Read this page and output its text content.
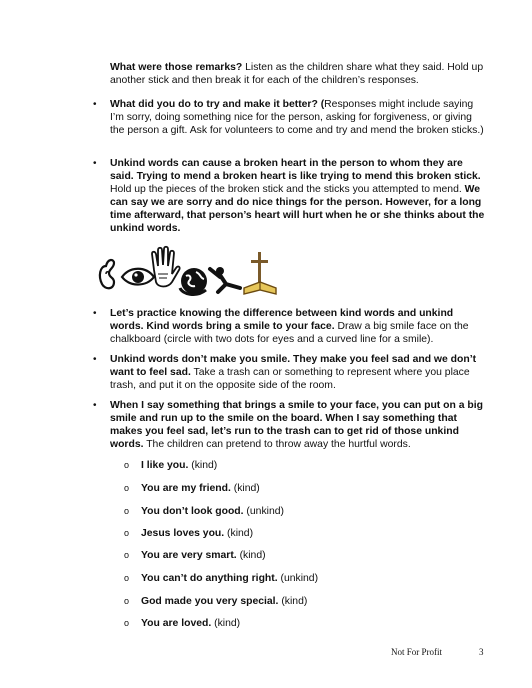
What were those remarks? Listen as the children share what they said. Hold up another stick and then break it for each of the children’s responses.

•	What did you do to try and make it better? (Responses might include saying I’m sorry, doing something nice for the person, asking for forgiveness, or giving the person a gift. Ask for volunteers to come and try and mend the broken sticks.)

•	Unkind words can cause a broken heart in the person to whom they are said. Trying to mend a broken heart is like trying to mend this broken stick. Hold up the pieces of the broken stick and the sticks you attempted to mend. We can say we are sorry and do nice things for the person. However, for a long time afterward, that person’s heart will hurt when he or she thinks about the unkind words.

•	Let’s practice knowing the difference between kind words and unkind words. Kind words bring a smile to your face. Draw a big smile face on the chalkboard (circle with two dots for eyes and a curved line for a smile).

•	Unkind words don’t make you smile. They make you feel sad and we don’t want to feel sad. Take a trash can or something to represent where you place trash, and put it on the opposite side of the room.

•	When I say something that brings a smile to your face, you can put on a big smile and run up to the smile on the board. When I say something that makes you feel sad, let’s run to the trash can to get rid of those unkind words. The children can pretend to throw away the hurtful words.

o I like you. (kind)
o You are my friend. (kind)
o You don’t look good. (unkind)
o Jesus loves you. (kind)
o You are very smart. (kind)
o You can’t do anything right. (unkind)
o God made you very special. (kind)
o You are loved. (kind)
Not For Profit	3
